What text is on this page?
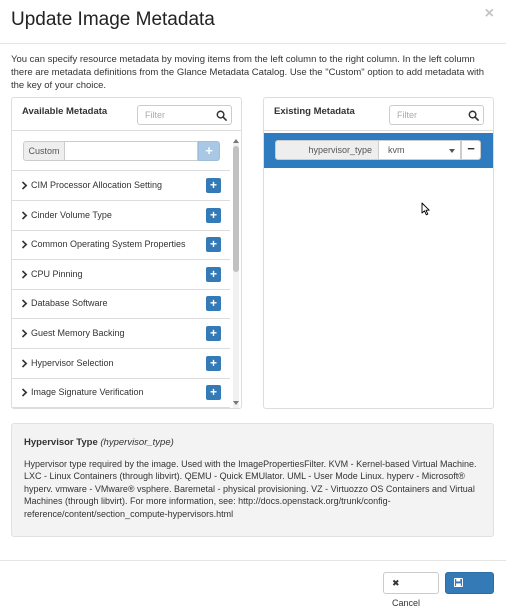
Update Image Metadata	×

You can specify resource metadata by moving items from the left column to the right column. In the left column there are metadata definitions from the Glance Metadata Catalog. Use the "Custom" option to add metadata with the key of your choice.

Available Metadata
Filter
Custom	+
CIM Processor Allocation Setting	+
Cinder Volume Type	+
Common Operating System Properties	+
CPU Pinning	+
Database Software	+
Guest Memory Backing	+
Hypervisor Selection	+
Image Signature Verification	+
Existing Metadata
Filter
hypervisor_type	kvm	−
Hypervisor Type (hypervisor_type)

Hypervisor type required by the image. Used with the ImagePropertiesFilter. KVM - Kernel-based Virtual Machine. LXC - Linux Containers (through libvirt). QEMU - Quick EMUlator. UML - User Mode Linux. hyperv - Microsoft® hyperv. vmware - VMware® vsphere. Baremetal - physical provisioning. VZ - Virtuozzo OS Containers and Virtual Machines (through libvirt). For more information, see: http://docs.openstack.org/trunk/config-reference/content/section_compute-hypervisors.html

✖ Cancel	Save
